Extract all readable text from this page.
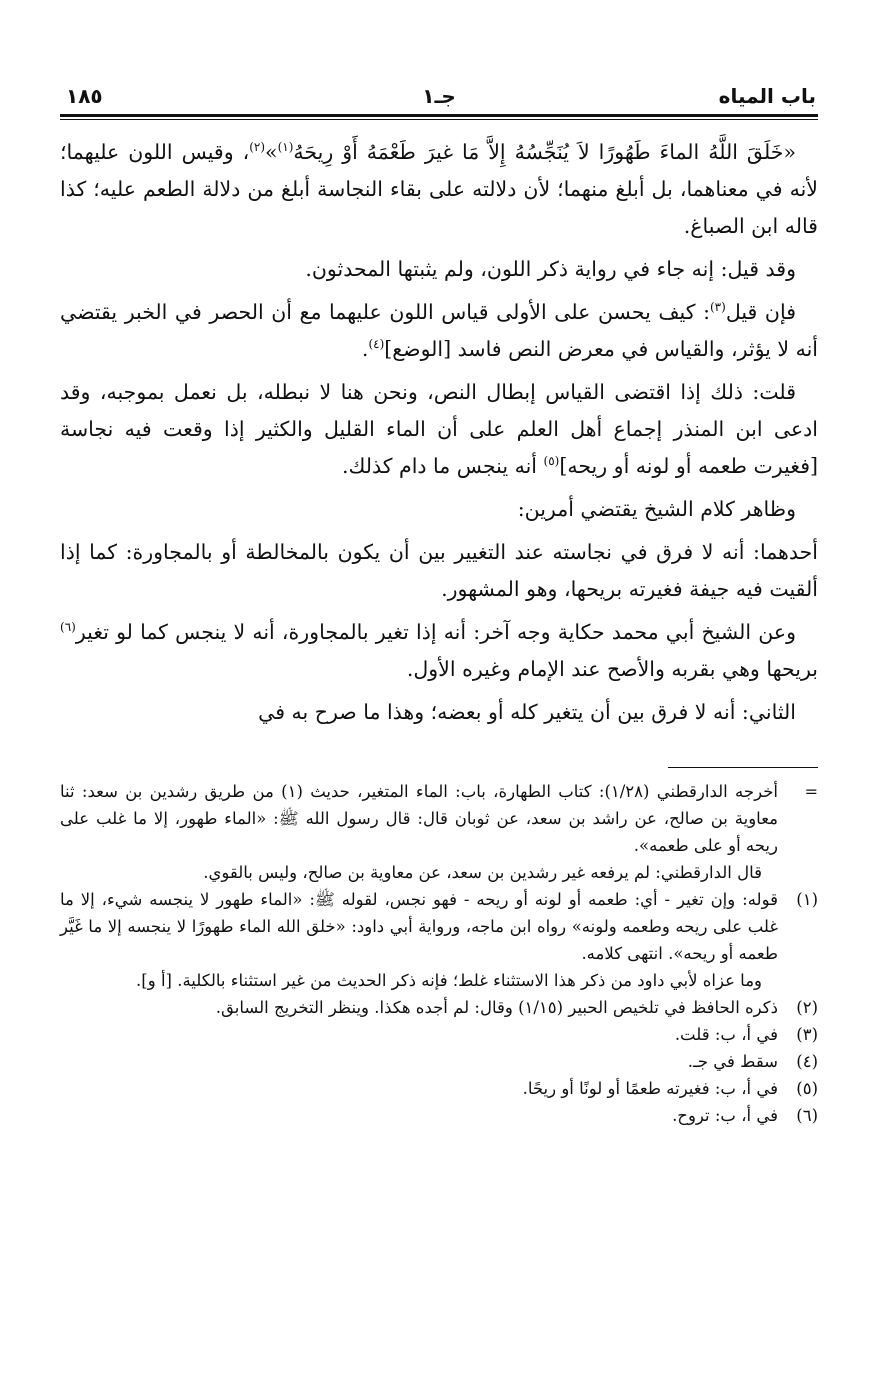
باب المياه
جـ١
١٨٥

«خَلَقَ اللَّهُ الماءَ طَهُورًا لاَ يُنَجِّسُهُ إِلاَّ مَا غيرَ طَعْمَهُ أَوْ رِيحَهُ$^{(١)}$»$^{(٢)}$، وقيس اللون عليهما؛ لأنه في معناهما، بل أبلغ منهما؛ لأن دلالته على بقاء النجاسة أبلغ من دلالة الطعم عليه؛ كذا قاله ابن الصباغ.

وقد قيل: إنه جاء في رواية ذكر اللون، ولم يثبتها المحدثون.

فإن قيل$^{(٣)}$: كيف يحسن على الأولى قياس اللون عليهما مع أن الحصر في الخبر يقتضي أنه لا يؤثر، والقياس في معرض النص فاسد [الوضع]$^{(٤)}$.

قلت: ذلك إذا اقتضى القياس إبطال النص، ونحن هنا لا نبطله، بل نعمل بموجبه، وقد ادعى ابن المنذر إجماع أهل العلم على أن الماء القليل والكثير إذا وقعت فيه نجاسة [فغيرت طعمه أو لونه أو ريحه]$^{(٥)}$ أنه ينجس ما دام كذلك.

وظاهر كلام الشيخ يقتضي أمرين:

أحدهما: أنه لا فرق في نجاسته عند التغيير بين أن يكون بالمخالطة أو بالمجاورة: كما إذا ألقيت فيه جيفة فغيرته بريحها، وهو المشهور.

وعن الشيخ أبي محمد حكاية وجه آخر: أنه إذا تغير بالمجاورة، أنه لا ينجس كما لو تغير$^{(٦)}$ بريحها وهي بقربه والأصح عند الإمام وغيره الأول.

الثاني: أنه لا فرق بين أن يتغير كله أو بعضه؛ وهذا ما صرح به في

=
أخرجه الدارقطني (١/٢٨): كتاب الطهارة، باب: الماء المتغير، حديث (١) من طريق رشدين بن سعد: ثنا معاوية بن صالح، عن راشد بن سعد، عن ثوبان قال: قال رسول الله ﷺ: «الماء طهور، إلا ما غلب على ريحه أو على طعمه».
قال الدارقطني: لم يرفعه غير رشدين بن سعد، عن معاوية بن صالح، وليس بالقوي.
(١)
قوله: وإن تغير - أي: طعمه أو لونه أو ريحه - فهو نجس، لقوله ﷺ: «الماء طهور لا ينجسه شيء، إلا ما غلب على ريحه وطعمه ولونه» رواه ابن ماجه، ورواية أبي داود: «خلق الله الماء طهورًا لا ينجسه إلا ما غَيَّر طعمه أو ريحه». انتهى كلامه.
وما عزاه لأبي داود من ذكر هذا الاستثناء غلط؛ فإنه ذكر الحديث من غير استثناء بالكلية. [أ و].
(٢)
ذكره الحافظ في تلخيص الحبير (١/١٥) وقال: لم أجده هكذا. وينظر التخريج السابق.
(٣)
في أ، ب: قلت.
(٤)
سقط في جـ.
(٥)
في أ، ب: فغيرته طعمًا أو لونًا أو ريحًا.
(٦)
في أ، ب: تروح.
